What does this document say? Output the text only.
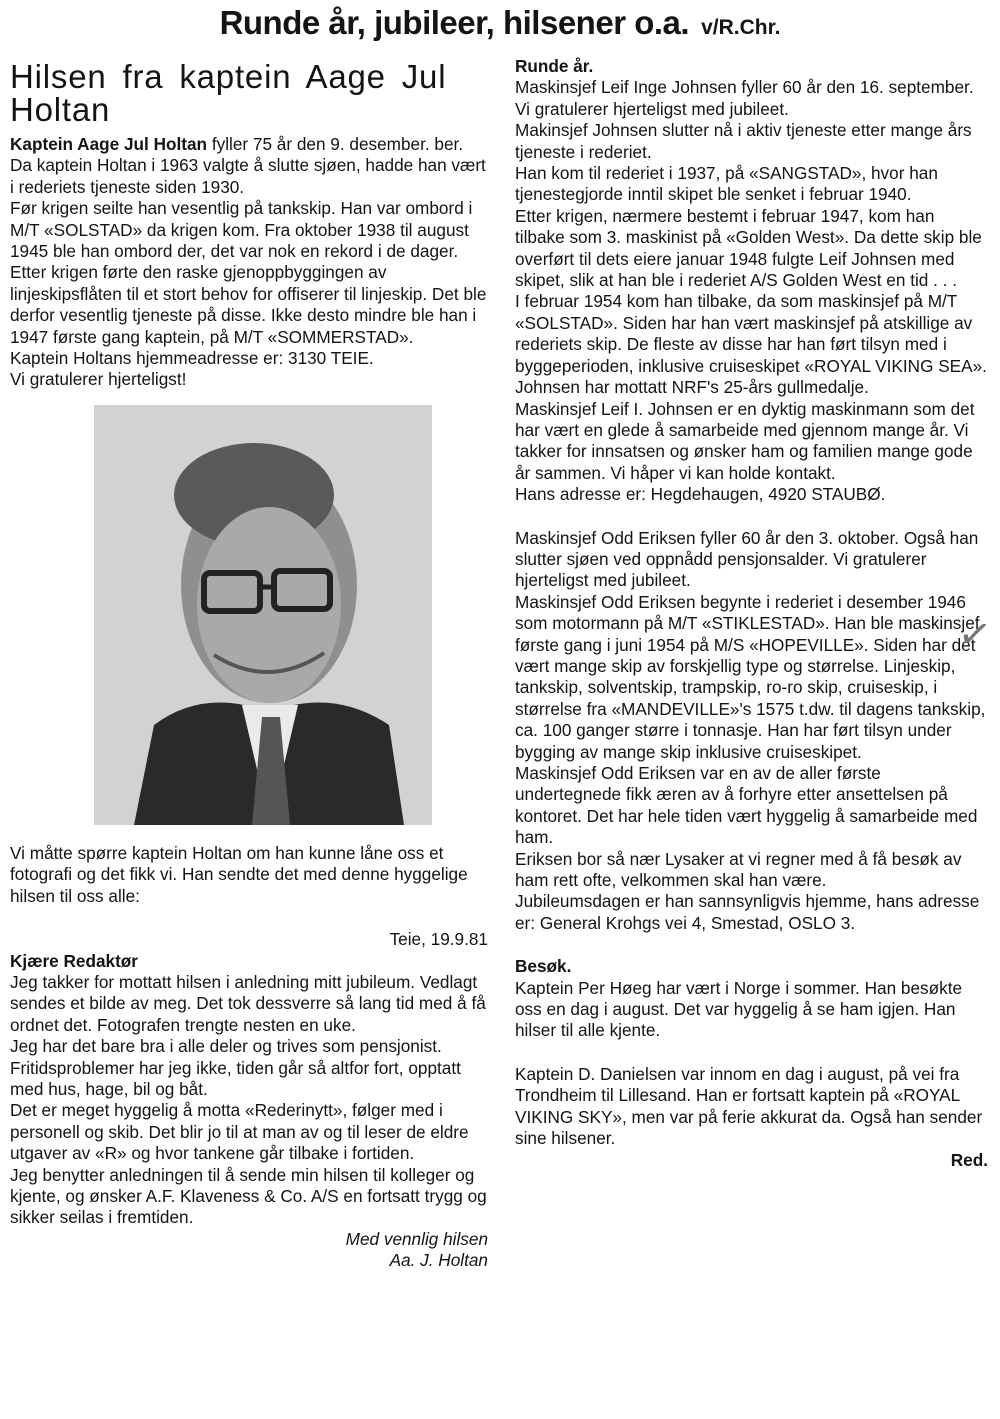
Runde år, jubileer, hilsener o.a. v/R.Chr.
Hilsen fra kaptein Aage Jul Holtan

Kaptein Aage Jul Holtan fyller 75 år den 9. desember. ber.

Da kaptein Holtan i 1963 valgte å slutte sjøen, hadde han vært i rederiets tjeneste siden 1930.

Før krigen seilte han vesentlig på tankskip. Han var ombord i M/T «SOLSTAD» da krigen kom. Fra oktober 1938 til august 1945 ble han ombord der, det var nok en rekord i de dager.

Etter krigen førte den raske gjenoppbyggingen av linjeskipsflåten til et stort behov for offiserer til linjeskip. Det ble derfor vesentlig tjeneste på disse. Ikke desto mindre ble han i 1947 første gang kaptein, på M/T «SOMMERSTAD».

Kaptein Holtans hjemmeadresse er: 3130 TEIE.

Vi gratulerer hjerteligst!

Vi måtte spørre kaptein Holtan om han kunne låne oss et fotografi og det fikk vi. Han sendte det med denne hyggelige hilsen til oss alle:

Teie, 19.9.81

Kjære Redaktør

Jeg takker for mottatt hilsen i anledning mitt jubileum. Vedlagt sendes et bilde av meg. Det tok dessverre så lang tid med å få ordnet det. Fotografen trengte nesten en uke.

Jeg har det bare bra i alle deler og trives som pensjonist. Fritidsproblemer har jeg ikke, tiden går så altfor fort, opptatt med hus, hage, bil og båt.

Det er meget hyggelig å motta «Rederinytt», følger med i personell og skib. Det blir jo til at man av og til leser de eldre utgaver av «R» og hvor tankene går tilbake i fortiden.

Jeg benytter anledningen til å sende min hilsen til kolleger og kjente, og ønsker A.F. Klaveness & Co. A/S en fortsatt trygg og sikker seilas i fremtiden.

Med vennlig hilsen

Aa. J. Holtan

Runde år.

Maskinsjef Leif Inge Johnsen fyller 60 år den 16. september.

Vi gratulerer hjerteligst med jubileet.

Makinsjef Johnsen slutter nå i aktiv tjeneste etter mange års tjeneste i rederiet.

Han kom til rederiet i 1937, på «SANGSTAD», hvor han tjenestegjorde inntil skipet ble senket i februar 1940.

Etter krigen, nærmere bestemt i februar 1947, kom han tilbake som 3. maskinist på «Golden West». Da dette skip ble overført til dets eiere januar 1948 fulgte Leif Johnsen med skipet, slik at han ble i rederiet A/S Golden West en tid . . .

I februar 1954 kom han tilbake, da som maskinsjef på M/T «SOLSTAD». Siden har han vært maskinsjef på atskillige av rederiets skip. De fleste av disse har han ført tilsyn med i byggeperioden, inklusive cruiseskipet «ROYAL VIKING SEA». Johnsen har mottatt NRF's 25-års gullmedalje.

Maskinsjef Leif I. Johnsen er en dyktig maskinmann som det har vært en glede å samarbeide med gjennom mange år. Vi takker for innsatsen og ønsker ham og familien mange gode år sammen. Vi håper vi kan holde kontakt.

Hans adresse er: Hegdehaugen, 4920 STAUBØ.

Maskinsjef Odd Eriksen fyller 60 år den 3. oktober. Også han slutter sjøen ved oppnådd pensjonsalder. Vi gratulerer hjerteligst med jubileet.

Maskinsjef Odd Eriksen begynte i rederiet i desember 1946 som motormann på M/T «STIKLESTAD». Han ble maskinsjef første gang i juni 1954 på M/S «HOPEVILLE». Siden har det vært mange skip av forskjellig type og størrelse. Linjeskip, tankskip, solventskip, trampskip, ro-ro skip, cruiseskip, i størrelse fra «MANDEVILLE»'s 1575 t.dw. til dagens tankskip, ca. 100 ganger større i tonnasje. Han har ført tilsyn under bygging av mange skip inklusive cruiseskipet.

Maskinsjef Odd Eriksen var en av de aller første undertegnede fikk æren av å forhyre etter ansettelsen på kontoret. Det har hele tiden vært hyggelig å samarbeide med ham.

Eriksen bor så nær Lysaker at vi regner med å få besøk av ham rett ofte, velkommen skal han være.

Jubileumsdagen er han sannsynligvis hjemme, hans adresse er: General Krohgs vei 4, Smestad, OSLO 3.

Besøk.

Kaptein Per Høeg har vært i Norge i sommer. Han besøkte oss en dag i august. Det var hyggelig å se ham igjen. Han hilser til alle kjente.

Kaptein D. Danielsen var innom en dag i august, på vei fra Trondheim til Lillesand. Han er fortsatt kaptein på «ROYAL VIKING SKY», men var på ferie akkurat da. Også han sender sine hilsener.

Red.

✓
